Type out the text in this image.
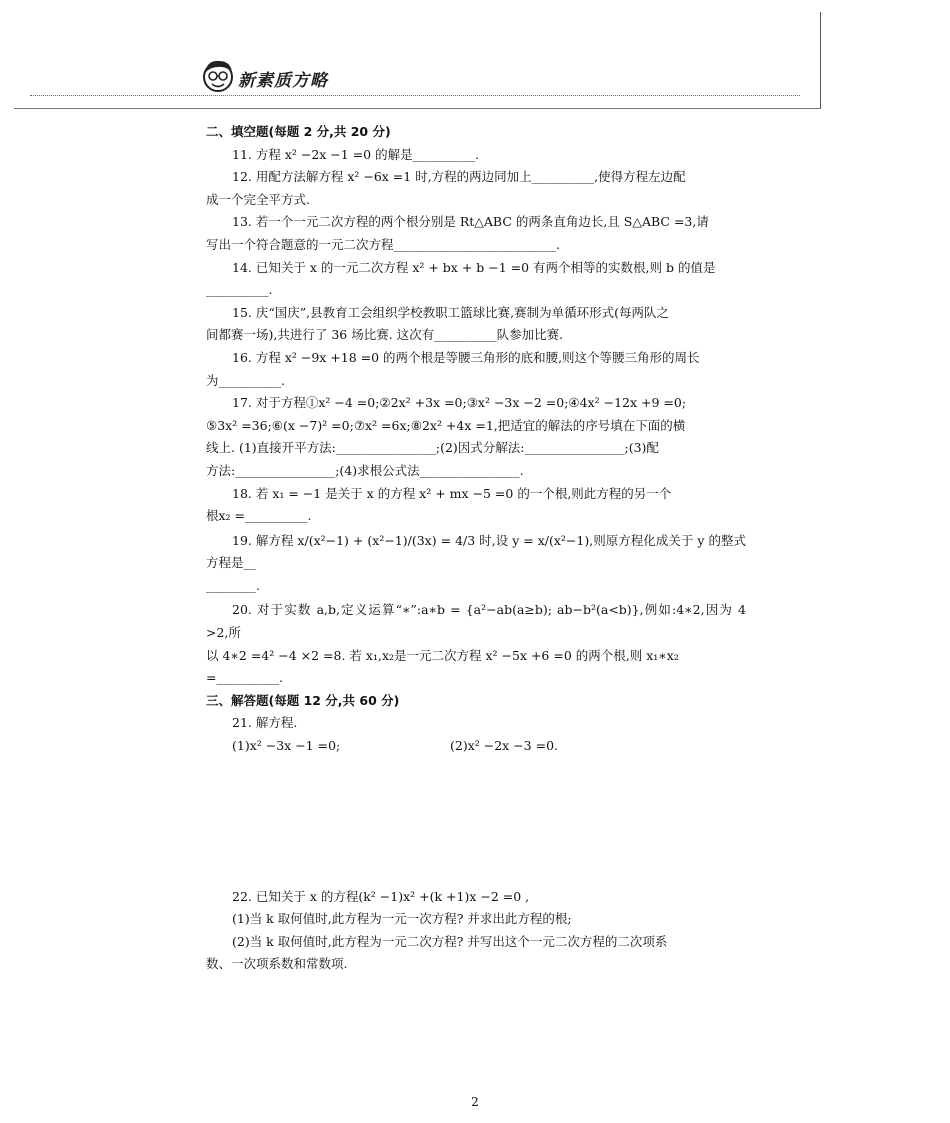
新素质方略

二、填空题(每题 2 分,共 20 分)

11. 方程 x² −2x −1 =0 的解是__________.

12. 用配方法解方程 x² −6x =1 时,方程的两边同加上__________,使得方程左边配

成一个完全平方式.

13. 若一个一元二次方程的两个根分别是 Rt△ABC 的两条直角边长,且 S△ABC =3,请

写出一个符合题意的一元二次方程__________________________.

14. 已知关于 x 的一元二次方程 x² + bx + b −1 =0 有两个相等的实数根,则 b 的值是

__________.

15. 庆“国庆”,县教育工会组织学校教职工篮球比赛,赛制为单循环形式(每两队之

间都赛一场),共进行了 36 场比赛. 这次有__________队参加比赛.

16. 方程 x² −9x +18 =0 的两个根是等腰三角形的底和腰,则这个等腰三角形的周长

为__________.

17. 对于方程①x² −4 =0;②2x² +3x =0;③x² −3x −2 =0;④4x² −12x +9 =0;

⑤3x² =36;⑥(x −7)² =0;⑦x² =6x;⑧2x² +4x =1,把适宜的解法的序号填在下面的横

线上. (1)直接开平方法:________________;(2)因式分解法:________________;(3)配

方法:________________;(4)求根公式法________________.

18. 若 x₁ = −1 是关于 x 的方程 x² + mx −5 =0 的一个根,则此方程的另一个

根x₂ =__________.

19. 解方程 x/(x²−1) + (x²−1)/(3x) = 4/3 时,设 y = x/(x²−1),则原方程化成关于 y 的整式方程是__

________.

20. 对于实数 a,b,定义运算“∗”:a∗b = {a²−ab(a≥b); ab−b²(a<b)},例如:4∗2,因为 4 >2,所

以 4∗2 =4² −4 ×2 =8. 若 x₁,x₂是一元二次方程 x² −5x +6 =0 的两个根,则 x₁∗x₂

=__________.

三、解答题(每题 12 分,共 60 分)

21. 解方程.

(1)x² −3x −1 =0;	(2)x² −2x −3 =0.

22. 已知关于 x 的方程(k² −1)x² +(k +1)x −2 =0 ,

(1)当 k 取何值时,此方程为一元一次方程? 并求出此方程的根;

(2)当 k 取何值时,此方程为一元二次方程? 并写出这个一元二次方程的二次项系

数、一次项系数和常数项.

2
